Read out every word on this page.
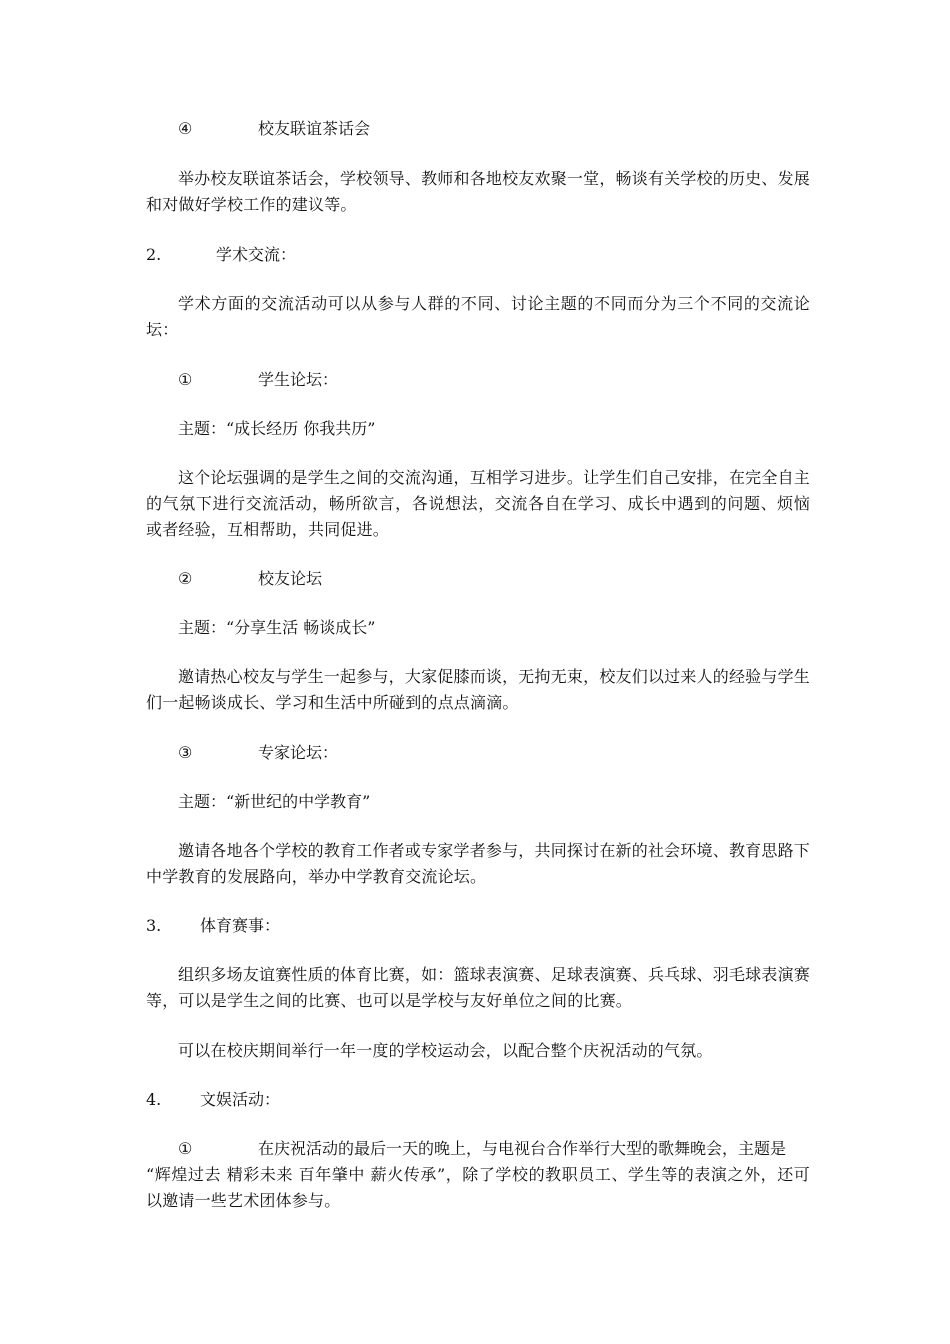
④	校友联谊茶话会
举办校友联谊茶话会，学校领导、教师和各地校友欢聚一堂，畅谈有关学校的历史、发展和对做好学校工作的建议等。
2.	学术交流：
学术方面的交流活动可以从参与人群的不同、讨论主题的不同而分为三个不同的交流论坛：
①	学生论坛：
主题：“成长经历 你我共历”
这个论坛强调的是学生之间的交流沟通，互相学习进步。让学生们自己安排，在完全自主的气氛下进行交流活动，畅所欲言，各说想法，交流各自在学习、成长中遇到的问题、烦恼或者经验，互相帮助，共同促进。
②	校友论坛
主题：“分享生活 畅谈成长”
邀请热心校友与学生一起参与，大家促膝而谈，无拘无束，校友们以过来人的经验与学生们一起畅谈成长、学习和生活中所碰到的点点滴滴。
③	专家论坛：
主题：“新世纪的中学教育”
邀请各地各个学校的教育工作者或专家学者参与，共同探讨在新的社会环境、教育思路下中学教育的发展路向，举办中学教育交流论坛。
3. 体育赛事：
组织多场友谊赛性质的体育比赛，如：篮球表演赛、足球表演赛、兵乓球、羽毛球表演赛等，可以是学生之间的比赛、也可以是学校与友好单位之间的比赛。
可以在校庆期间举行一年一度的学校运动会，以配合整个庆祝活动的气氛。
4. 文娱活动：
①	在庆祝活动的最后一天的晚上，与电视台合作举行大型的歌舞晚会，主题是
“辉煌过去 精彩未来 百年肇中 薪火传承”，除了学校的教职员工、学生等的表演之外，还可以邀请一些艺术团体参与。
